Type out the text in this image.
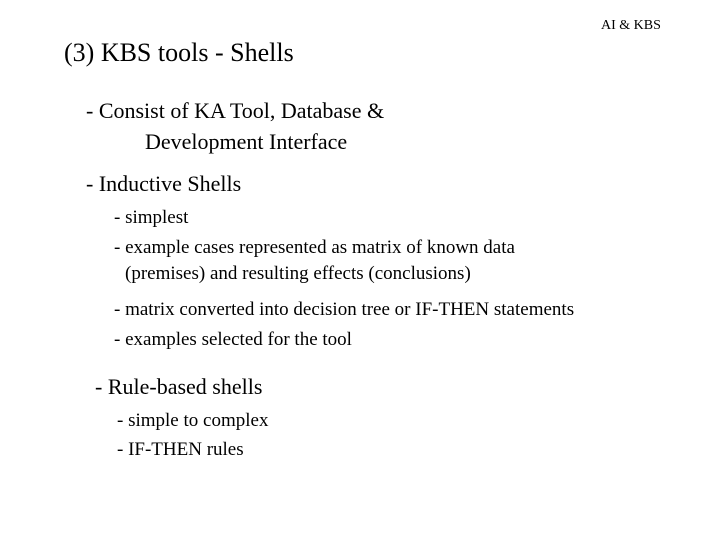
AI & KBS
(3) KBS tools - Shells
- Consist of KA Tool, Database &
Development Interface
- Inductive Shells
- simplest
- example cases represented as matrix of known data
(premises) and resulting effects (conclusions)
- matrix converted into decision tree or IF-THEN statements
- examples selected for the tool
- Rule-based shells
- simple to complex
- IF-THEN rules
